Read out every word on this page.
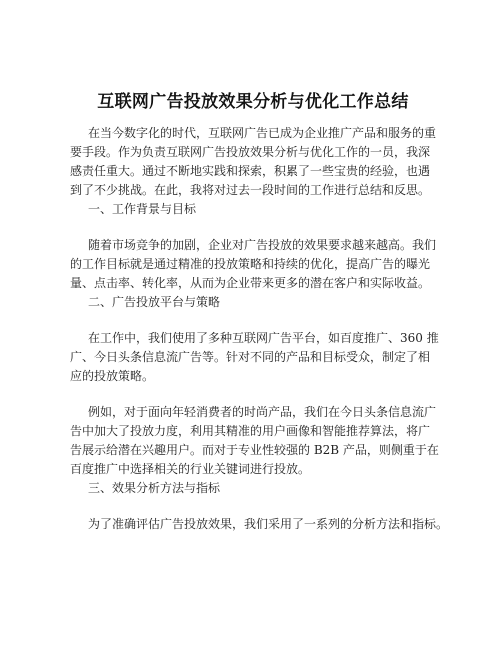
互联网广告投放效果分析与优化工作总结
在当今数字化的时代，互联网广告已成为企业推广产品和服务的重
要手段。作为负责互联网广告投放效果分析与优化工作的一员，我深
感责任重大。通过不断地实践和探索，积累了一些宝贵的经验，也遇
到了不少挑战。在此，我将对过去一段时间的工作进行总结和反思。
一、工作背景与目标
随着市场竞争的加剧，企业对广告投放的效果要求越来越高。我们
的工作目标就是通过精准的投放策略和持续的优化，提高广告的曝光
量、点击率、转化率，从而为企业带来更多的潜在客户和实际收益。
二、广告投放平台与策略
在工作中，我们使用了多种互联网广告平台，如百度推广、360 推
广、今日头条信息流广告等。针对不同的产品和目标受众，制定了相
应的投放策略。
例如，对于面向年轻消费者的时尚产品，我们在今日头条信息流广
告中加大了投放力度，利用其精准的用户画像和智能推荐算法，将广
告展示给潜在兴趣用户。而对于专业性较强的 B2B 产品，则侧重于在
百度推广中选择相关的行业关键词进行投放。
三、效果分析方法与指标
为了准确评估广告投放效果，我们采用了一系列的分析方法和指标。
